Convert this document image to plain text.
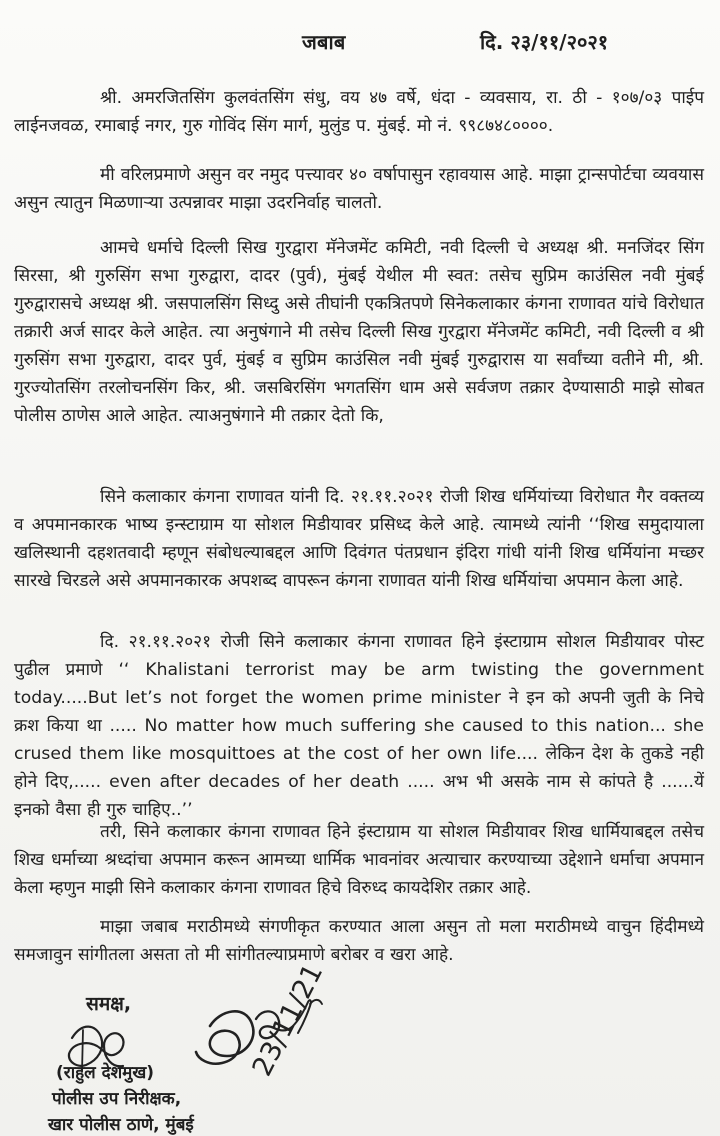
जबाब	दि. २३/११/२०२१
श्री. अमरजितसिंग कुलवंतसिंग संधु, वय ४७ वर्षे, धंदा - व्यवसाय, रा. ठी - १०७/०३ पाईप लाईनजवळ, रमाबाई नगर, गुरु गोविंद सिंग मार्ग, मुलुंड प. मुंबई. मो नं. ९९८७४८००००.
मी वरिलप्रमाणे असुन वर नमुद पत्त्यावर ४० वर्षापासुन रहावयास आहे. माझा ट्रान्सपोर्टचा व्यवयास असुन त्यातुन मिळणाऱ्या उत्पन्नावर माझा उदरनिर्वाह चालतो.
आमचे धर्माचे दिल्ली सिख गुरद्वारा मॅनेजमेंट कमिटी, नवी दिल्ली चे अध्यक्ष श्री. मनजिंदर सिंग सिरसा, श्री गुरुसिंग सभा गुरुद्वारा, दादर (पुर्व), मुंबई येथील मी स्वत: तसेच सुप्रिम काउंसिल नवी मुंबई गुरुद्वारासचे अध्यक्ष श्री. जसपालसिंग सिध्दु असे तीघांनी एकत्रितपणे सिनेकलाकार कंगना राणावत यांचे विरोधात तक्रारी अर्ज सादर केले आहेत. त्या अनुषंगाने मी तसेच दिल्ली सिख गुरद्वारा मॅनेजमेंट कमिटी, नवी दिल्ली व श्री गुरुसिंग सभा गुरुद्वारा, दादर पुर्व, मुंबई व सुप्रिम काउंसिल नवी मुंबई गुरुद्वारास या सर्वांच्या वतीने मी, श्री. गुरज्योतसिंग तरलोचनसिंग किर, श्री. जसबिरसिंग भगतसिंग धाम असे सर्वजण तक्रार देण्यासाठी माझे सोबत पोलीस ठाणेस आले आहेत. त्याअनुषंगाने मी तक्रार देतो कि,
सिने कलाकार कंगना राणावत यांनी दि. २१.११.२०२१ रोजी शिख धर्मियांच्या विरोधात गैर वक्तव्य व अपमानकारक भाष्य इन्स्टाग्राम या सोशल मिडीयावर प्रसिध्द केले आहे. त्यामध्ये त्यांनी ‘‘शिख समुदायाला खलिस्थानी दहशतवादी म्हणून संबोधल्याबद्दल आणि दिवंगत पंतप्रधान इंदिरा गांधी यांनी शिख धर्मियांना मच्छर सारखे चिरडले असे अपमानकारक अपशब्द वापरून कंगना राणावत यांनी शिख धर्मियांचा अपमान केला आहे.
दि. २१.११.२०२१ रोजी सिने कलाकार कंगना राणावत हिने इंस्टाग्राम सोशल मिडीयावर पोस्ट पुढील प्रमाणे ‘‘ Khalistani terrorist may be arm twisting the government today.....But let’s not forget the women prime minister ने इन को अपनी जुती के निचे क्रश किया था ..... No matter how much suffering she caused to this nation... she crused them like mosquittoes at the cost of her own life.... लेकिन देश के तुकडे नही होने दिए,..... even after decades of her death ..... अभ भी असके नाम से कांपते है ......यें इनको वैसा ही गुरु चाहिए..’’
तरी, सिने कलाकार कंगना राणावत हिने इंस्टाग्राम या सोशल मिडीयावर शिख धार्मियाबद्दल तसेच शिख धर्माच्या श्रध्दांचा अपमान करून आमच्या धार्मिक भावनांवर अत्याचार करण्याच्या उद्देशाने धर्माचा अपमान केला म्हणुन माझी सिने कलाकार कंगना राणावत हिचे विरुध्द कायदेशिर तक्रार आहे.
माझा जबाब मराठीमध्ये संगणीकृत करण्यात आला असुन तो मला मराठीमध्ये वाचुन हिंदीमध्ये समजावुन सांगीतला असता तो मी सांगीतल्याप्रमाणे बरोबर व खरा आहे.
23/11/21
समक्ष,
(राहुल देशमुख)
पोलीस उप निरीक्षक,
खार पोलीस ठाणे, मुंबई
